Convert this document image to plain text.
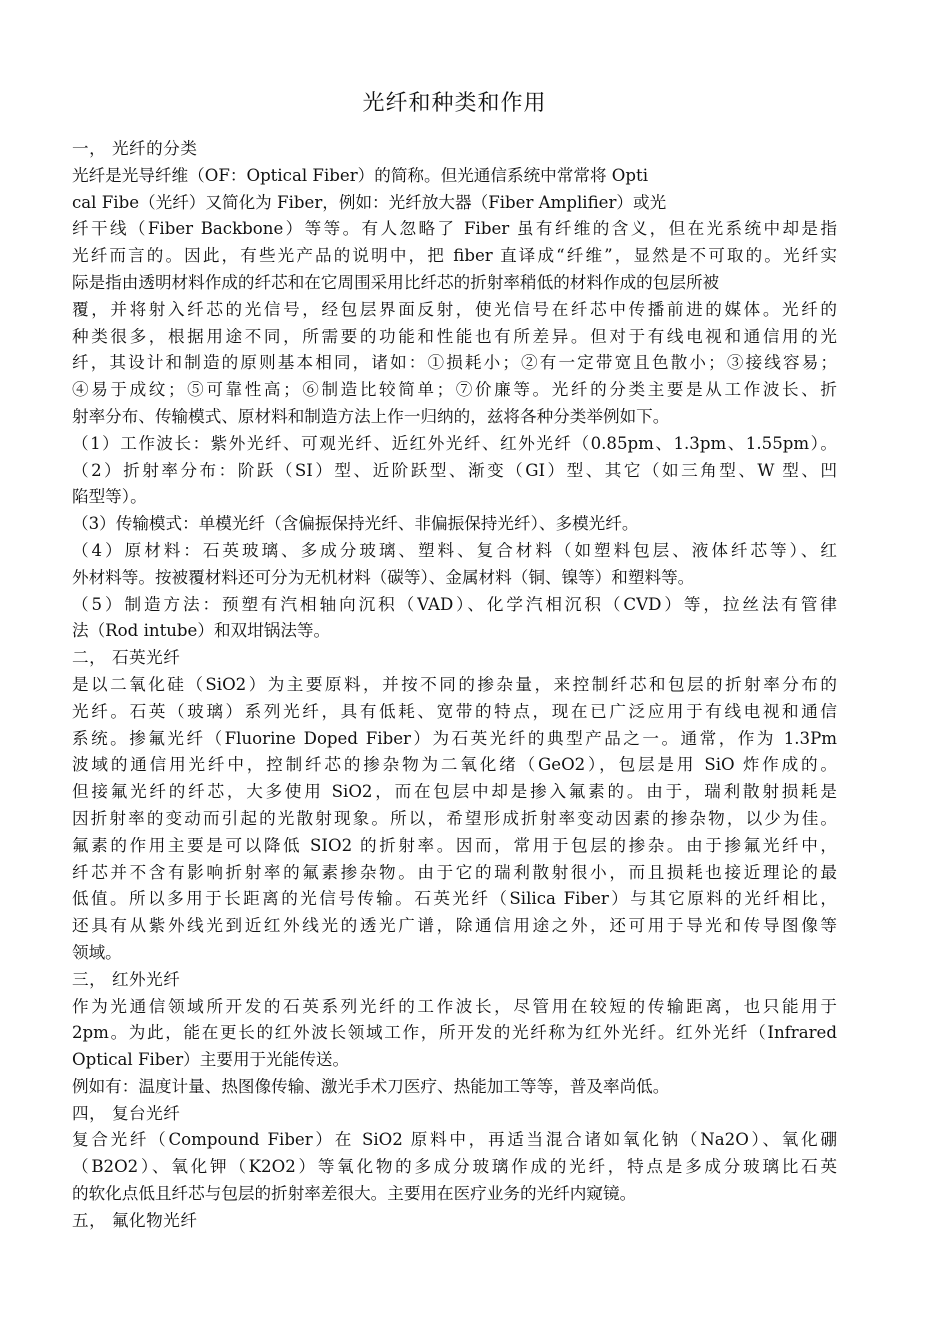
光纤和种类和作用
一， 光纤的分类
光纤是光导纤维（OF：Optical Fiber）的简称。但光通信系统中常常将 Opti
cal Fibe（光纤）又简化为 Fiber，例如：光纤放大器（Fiber Amplifier）或光
纤干线（Fiber Backbone）等等。有人忽略了 Fiber 虽有纤维的含义，但在光系统中却是指
光纤而言的。因此，有些光产品的说明中，把 fiber 直译成“纤维”，显然是不可取的。光纤实
际是指由透明材料作成的纤芯和在它周围采用比纤芯的折射率稍低的材料作成的包层所被
覆，并将射入纤芯的光信号，经包层界面反射，使光信号在纤芯中传播前进的媒体。光纤的
种类很多，根据用途不同，所需要的功能和性能也有所差异。但对于有线电视和通信用的光
纤，其设计和制造的原则基本相同，诸如：①损耗小；②有一定带宽且色散小；③接线容易；
④易于成纹；⑤可靠性高；⑥制造比较简单；⑦价廉等。光纤的分类主要是从工作波长、折
射率分布、传输模式、原材料和制造方法上作一归纳的，兹将各种分类举例如下。
（1）工作波长：紫外光纤、可观光纤、近红外光纤、红外光纤（0.85pm、1.3pm、1.55pm）。
（2）折射率分布：阶跃（SI）型、近阶跃型、渐变（GI）型、其它（如三角型、W 型、凹
陷型等）。
（3）传输模式：单模光纤（含偏振保持光纤、非偏振保持光纤）、多模光纤。
（4）原材料：石英玻璃、多成分玻璃、塑料、复合材料（如塑料包层、液体纤芯等）、红
外材料等。按被覆材料还可分为无机材料（碳等）、金属材料（铜、镍等）和塑料等。
（5）制造方法：预塑有汽相轴向沉积（VAD）、化学汽相沉积（CVD）等，拉丝法有管律
法（Rod intube）和双坩锅法等。
二， 石英光纤
是以二氧化硅（SiO2）为主要原料，并按不同的掺杂量，来控制纤芯和包层的折射率分布的
光纤。石英（玻璃）系列光纤，具有低耗、宽带的特点，现在已广泛应用于有线电视和通信
系统。掺氟光纤（Fluorine Doped Fiber）为石英光纤的典型产品之一。通常，作为 1.3Pm
波域的通信用光纤中，控制纤芯的掺杂物为二氧化绪（GeO2），包层是用 SiO 炸作成的。
但接氟光纤的纤芯，大多使用 SiO2，而在包层中却是掺入氟素的。由于，瑞利散射损耗是
因折射率的变动而引起的光散射现象。所以，希望形成折射率变动因素的掺杂物，以少为佳。
氟素的作用主要是可以降低 SIO2 的折射率。因而，常用于包层的掺杂。由于掺氟光纤中，
纤芯并不含有影响折射率的氟素掺杂物。由于它的瑞利散射很小，而且损耗也接近理论的最
低值。所以多用于长距离的光信号传输。石英光纤（Silica Fiber）与其它原料的光纤相比，
还具有从紫外线光到近红外线光的透光广谱，除通信用途之外，还可用于导光和传导图像等
领域。
三， 红外光纤
作为光通信领域所开发的石英系列光纤的工作波长，尽管用在较短的传输距离，也只能用于
2pm。为此，能在更长的红外波长领域工作，所开发的光纤称为红外光纤。红外光纤（Infrared
Optical Fiber）主要用于光能传送。
例如有：温度计量、热图像传输、激光手术刀医疗、热能加工等等，普及率尚低。
四， 复台光纤
复合光纤（Compound Fiber）在 SiO2 原料中，再适当混合诸如氧化钠（Na2O）、氧化硼
（B2O2）、氧化钾（K2O2）等氧化物的多成分玻璃作成的光纤，特点是多成分玻璃比石英
的软化点低且纤芯与包层的折射率差很大。主要用在医疗业务的光纤内窥镜。
五， 氟化物光纤
